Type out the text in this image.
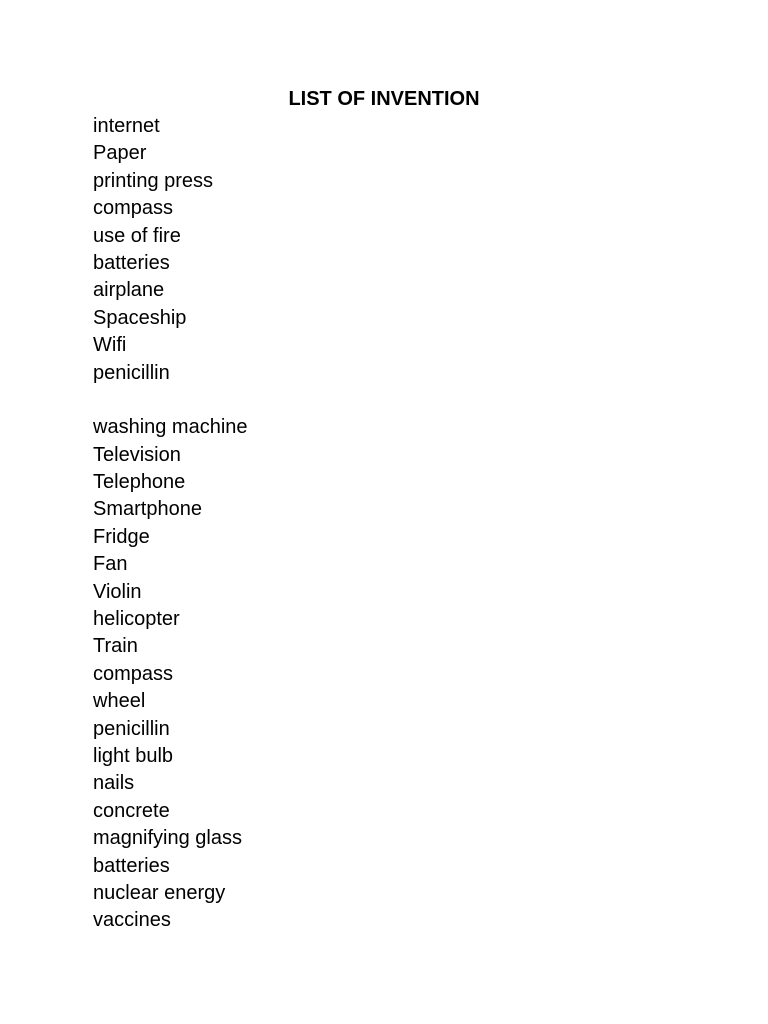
LIST OF INVENTION
internet
Paper
printing press
compass
use of fire
batteries
airplane
Spaceship
Wifi
penicillin
washing machine
Television
Telephone
Smartphone
Fridge
Fan
Violin
helicopter
Train
compass
wheel
penicillin
light bulb
nails
concrete
magnifying glass
batteries
nuclear energy
vaccines
